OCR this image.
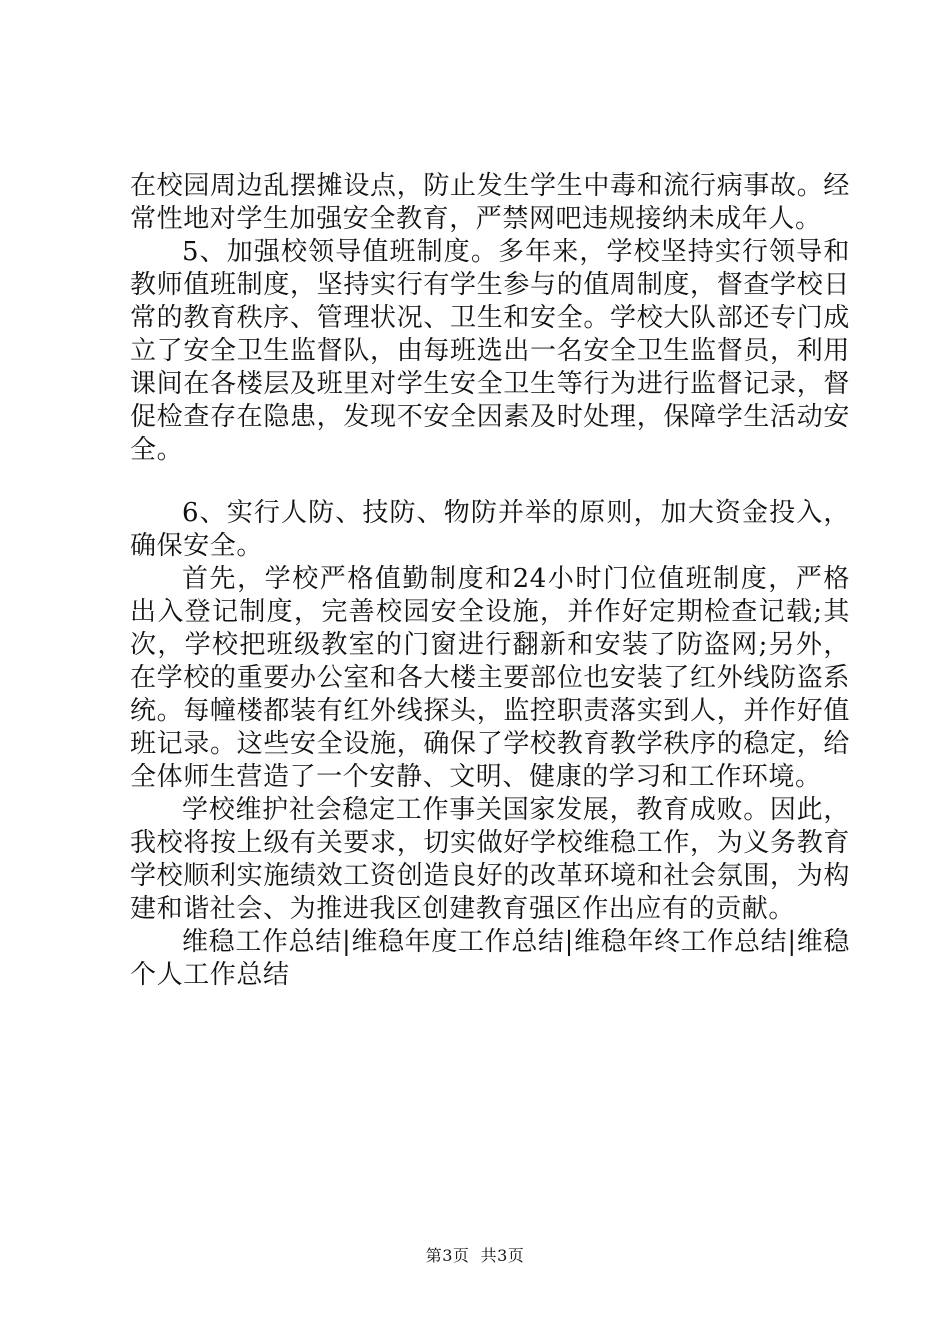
在校园周边乱摆摊设点，防止发生学生中毒和流行病事故。经常性地对学生加强安全教育，严禁网吧违规接纳未成年人。

5、加强校领导值班制度。多年来，学校坚持实行领导和教师值班制度，坚持实行有学生参与的值周制度，督查学校日常的教育秩序、管理状况、卫生和安全。学校大队部还专门成立了安全卫生监督队，由每班选出一名安全卫生监督员，利用课间在各楼层及班里对学生安全卫生等行为进行监督记录，督促检查存在隐患，发现不安全因素及时处理，保障学生活动安全。

6、实行人防、技防、物防并举的原则，加大资金投入，确保安全。

首先，学校严格值勤制度和24小时门位值班制度，严格出入登记制度，完善校园安全设施，并作好定期检查记载;其次，学校把班级教室的门窗进行翻新和安装了防盗网;另外，在学校的重要办公室和各大楼主要部位也安装了红外线防盗系统。每幢楼都装有红外线探头，监控职责落实到人，并作好值班记录。这些安全设施，确保了学校教育教学秩序的稳定，给全体师生营造了一个安静、文明、健康的学习和工作环境。

学校维护社会稳定工作事关国家发展，教育成败。因此，我校将按上级有关要求，切实做好学校维稳工作，为义务教育学校顺利实施绩效工资创造良好的改革环境和社会氛围，为构建和谐社会、为推进我区创建教育强区作出应有的贡献。

维稳工作总结|维稳年度工作总结|维稳年终工作总结|维稳个人工作总结

第3页  共3页
